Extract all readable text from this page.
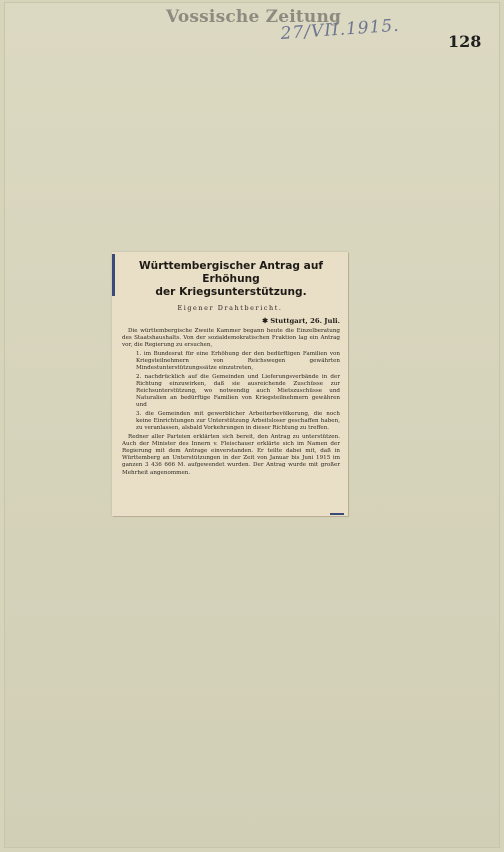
Vossische Zeitung
27/VII.1915.	128
Württembergischer Antrag auf Erhöhung
der Kriegsunterstützung.
Eigener Drahtbericht.
✱ Stuttgart, 26. Juli.

Die württembergische Zweite Kammer begann heute die Einzelberatung des Staatshaushalts. Von der sozialdemokratischen Fraktion lag ein Antrag vor, die Regierung zu ersuchen,

1. im Bundesrat für eine Erhöhung der den bedürftigen Familien von Kriegsteilnehmern von Reichswegen gewährten Mindestunterstützungssätze einzutreten,

2. nachdrücklich auf die Gemeinden und Lieferungsverbände in der Richtung einzuwirken, daß sie ausreichende Zuschüsse zur Reichsunterstützung, wo notwendig auch Mietszuschüsse und Naturalien an bedürftige Familien von Kriegsteilnehmern gewähren und

3. die Gemeinden mit gewerblicher Arbeiterbevölkerung, die noch keine Einrichtungen zur Unterstützung Arbeitsloser geschaffen haben, zu veranlassen, alsbald Vorkehrungen in dieser Richtung zu treffen.

Redner aller Parteien erklärten sich bereit, den Antrag zu unterstützen. Auch der Minister des Innern v. Fleischauer erklärte sich im Namen der Regierung mit dem Antrage einverstanden. Er teilte dabei mit, daß in Württemberg an Unterstützungen in der Zeit von Januar bis Juni 1915 im ganzen 3 436 666 M. aufgewendet wurden. Der Antrag wurde mit großer Mehrheit angenommen.
